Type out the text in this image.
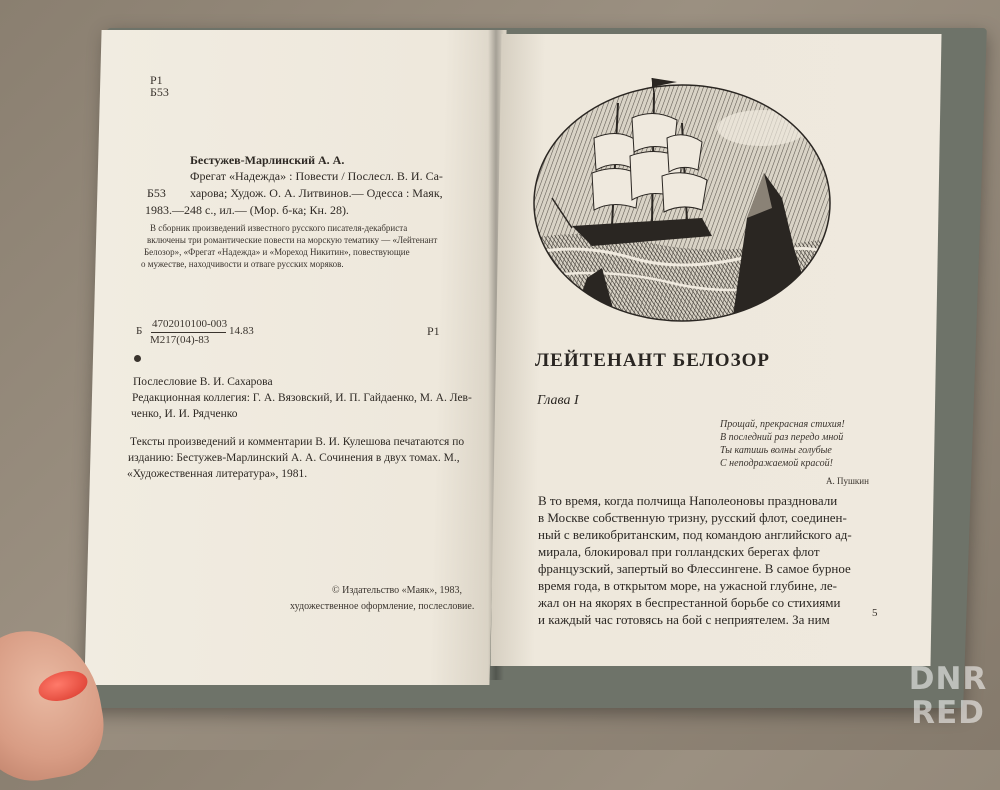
Р1
Б53
Бестужев-Марлинский А. А.
Б53
Фрегат «Надежда» : Повести / Послесл. В. И. Са-
харова; Худож. О. А. Литвинов.— Одесса : Маяк,
1983.—248 с., ил.— (Мор. б-ка; Кн. 28).
В сборник произведений известного русского писателя-декабриста
включены три романтические повести на морскую тематику — «Лейтенант
Белозор», «Фрегат «Надежда» и «Мореход Никитин», повествующие
о мужестве, находчивости и отваге русских моряков.
Б
4702010100-003
М217(04)-83
14.83	Р1
Послесловие В. И. Сахарова
Редакционная коллегия: Г. А. Вязовский, И. П. Гайдаенко, М. А. Лев-
ченко, И. И. Рядченко
Тексты произведений и комментарии В. И. Кулешова печатаются по
изданию: Бестужев-Марлинский А. А. Сочинения в двух томах. М.,
«Художественная литература», 1981.
© Издательство «Маяк», 1983,
художественное оформление, послесловие.
ЛЕЙТЕНАНТ БЕЛОЗОР
Глава I
Прощай, прекрасная стихия!
В последний раз передо мной
Ты катишь волны голубые
С неподражаемой красой!
А. Пушкин
В то время, когда полчища Наполеоновы праздновали
в Москве собственную тризну, русский флот, соединен-
ный с великобританским, под командою английского ад-
мирала, блокировал при голландских берегах флот
французский, запертый во Флессингене. В самое бурное
время года, в открытом море, на ужасной глубине, ле-
жал он на якорях в беспрестанной борьбе со стихиями
и каждый час готовясь на бой с неприятелем. За ним	5
DNR
RED
